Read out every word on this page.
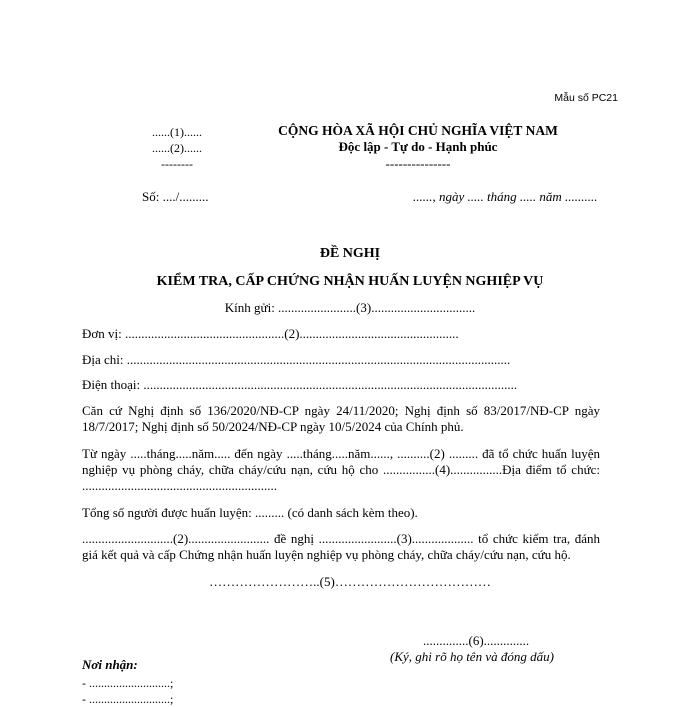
Mẫu số PC21
......(1)......
......(2)......
--------
CỘNG HÒA XÃ HỘI CHỦ NGHĨA VIỆT NAM
Độc lập - Tự do - Hạnh phúc
---------------
Số: ..../.........	......, ngày ..... tháng ..... năm ..........
ĐỀ NGHỊ
KIỂM TRA, CẤP CHỨNG NHẬN HUẤN LUYỆN NGHIỆP VỤ
Kính gửi: ........................(3)................................
Đơn vị: .................................................(2).................................................
Địa chỉ: ......................................................................................................................
Điện thoại: ...................................................................................................................
Căn cứ Nghị định số 136/2020/NĐ-CP ngày 24/11/2020; Nghị định số 83/2017/NĐ-CP ngày 18/7/2017; Nghị định số 50/2024/NĐ-CP ngày 10/5/2024 của Chính phủ.
Từ ngày .....tháng.....năm..... đến ngày .....tháng.....năm......, ..........(2) ......... đã tổ chức huấn luyện nghiệp vụ phòng cháy, chữa cháy/cứu nạn, cứu hộ cho ................(4)................Địa điểm tổ chức: ............................................................
Tổng số người được huấn luyện: ......... (có danh sách kèm theo).
............................(2)......................... đề nghị ........................(3)................... tổ chức kiểm tra, đánh giá kết quả và cấp Chứng nhận huấn luyện nghiệp vụ phòng cháy, chữa cháy/cứu nạn, cứu hộ.
……………………..(5)………………………………
..............(6)..............
(Ký, ghi rõ họ tên và đóng dấu)
Nơi nhận:
- ...........................;
- ...........................;
